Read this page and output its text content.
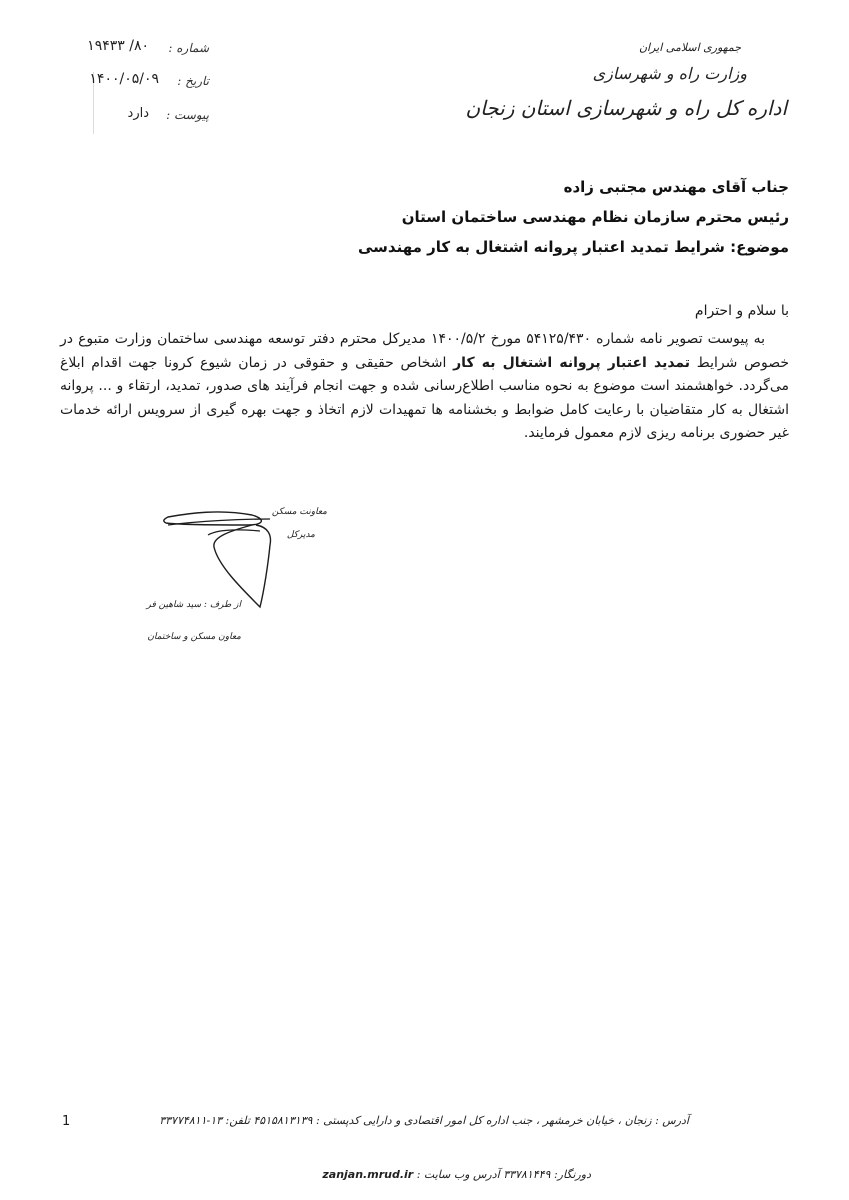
شماره :
۸۰/ ۱۹۴۳۳
تاریخ :
۱۴۰۰/۰۵/۰۹
پیوست :
دارد
جمهوری اسلامی ایران
وزارت راه و شهرسازی
اداره کل راه و شهرسازی استان زنجان
جناب آقای مهندس مجتبی زاده
رئیس محترم سازمان نظام مهندسی ساختمان استان
موضوع: شرایط تمدید اعتبار پروانه اشتغال به کار مهندسی
با سلام و احترام
به پیوست تصویر نامه شماره ۵۴۱۲۵/۴۳۰ مورخ ۱۴۰۰/۵/۲ مدیرکل محترم دفتر توسعه مهندسی ساختمان وزارت متبوع در خصوص شرایط تمدید اعتبار پروانه اشتغال به کار اشخاص حقیقی و حقوقی در زمان شیوع کرونا جهت اقدام ابلاغ می‌گردد. خواهشمند است موضوع به نحوه مناسب اطلاع‌رسانی شده و جهت انجام فرآیند های صدور، تمدید، ارتقاء و ... پروانه اشتغال به کار متقاضیان با رعایت کامل ضوابط و بخشنامه ها تمهیدات لازم اتخاذ و جهت بهره گیری از سرویس ارائه خدمات غیر حضوری برنامه ریزی لازم معمول فرمایند.
معاونت مسکن
مدیرکل
از طرف : سید شاهین فر
معاون مسکن و ساختمان
1	آدرس : زنجان ، خیابان خرمشهر ، جنب اداره کل امور اقتصادی و دارایی کدپستی : ۴۵۱۵۸۱۳۱۳۹ تلفن: ۱۳-۳۳۷۷۴۸۱۱
دورنگار: ۳۳۷۸۱۴۴۹ آدرس وب سایت : zanjan.mrud.ir
